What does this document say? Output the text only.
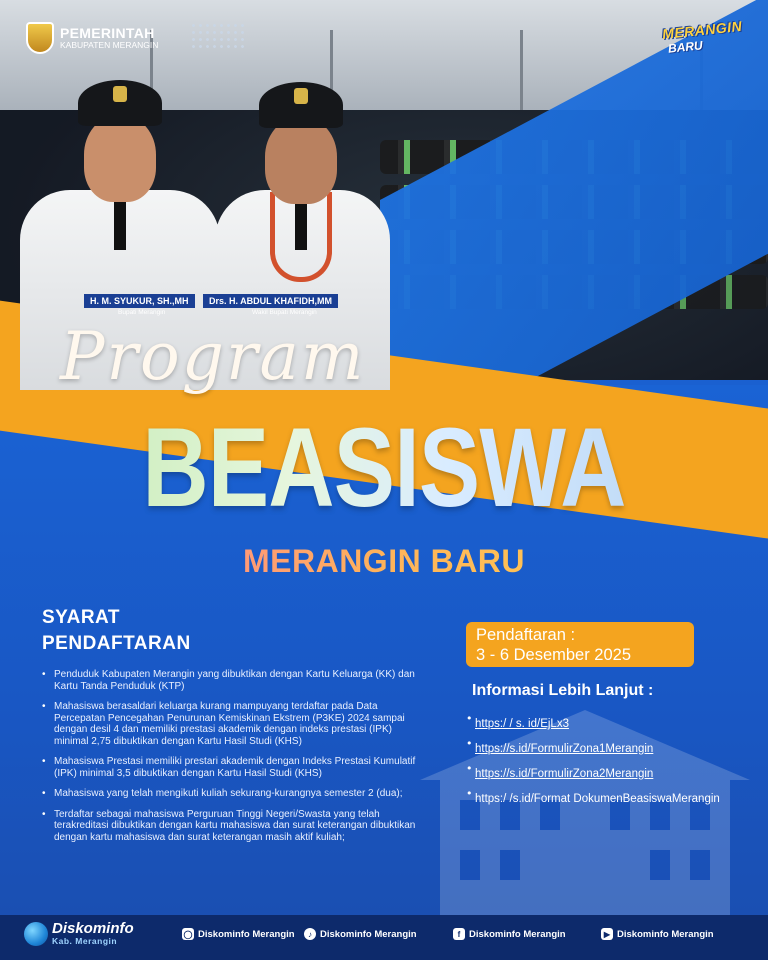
H. M. SYUKUR, SH.,MH
Bupati Merangin
Drs. H. ABDUL KHAFIDH,MM
Wakil Bupati Merangin
PEMERINTAH
KABUPATEN MERANGIN
MERANGIN
BARU
Program
BEASISWA
MERANGIN BARU
SYARAT
PENDAFTARAN
• Penduduk Kabupaten Merangin yang dibuktikan dengan Kartu Keluarga (KK) dan Kartu Tanda Penduduk (KTP)
• Mahasiswa berasaldari keluarga kurang mampuyang terdaftar pada Data Percepatan Pencegahan Penurunan Kemiskinan Ekstrem (P3KE) 2024 sampai dengan desil 4 dan memiliki prestasi akademik dengan indeks prestasi (IPK) minimal 2,75 dibuktikan dengan Kartu Hasil Studi (KHS)
• Mahasiswa Prestasi memiliki prestari akademik dengan Indeks Prestasi Kumulatif (IPK) minimal 3,5 dibuktikan dengan Kartu Hasil Studi (KHS)
• Mahasiswa yang telah mengikuti kuliah sekurang-kurangnya semester 2 (dua);
• Terdaftar sebagai mahasiswa Perguruan Tinggi Negeri/Swasta yang telah terakreditasi dibuktikan dengan kartu mahasiswa dan surat keterangan dibuktikan dengan kartu mahasiswa dan surat keterangan masih aktif kuliah;
Pendaftaran :
3 - 6 Desember 2025
Informasi Lebih Lanjut :
• https:/ / s. id/EjLx3
• https://s.id/FormulirZona1Merangin
• https://s.id/FormulirZona2Merangin
• https:/ /s.id/Format DokumenBeasiswaMerangin
Diskominfo
Kab. Merangin
◯ Diskominfo Merangin	♪ Diskominfo Merangin	f Diskominfo Merangin	▶ Diskominfo Merangin
